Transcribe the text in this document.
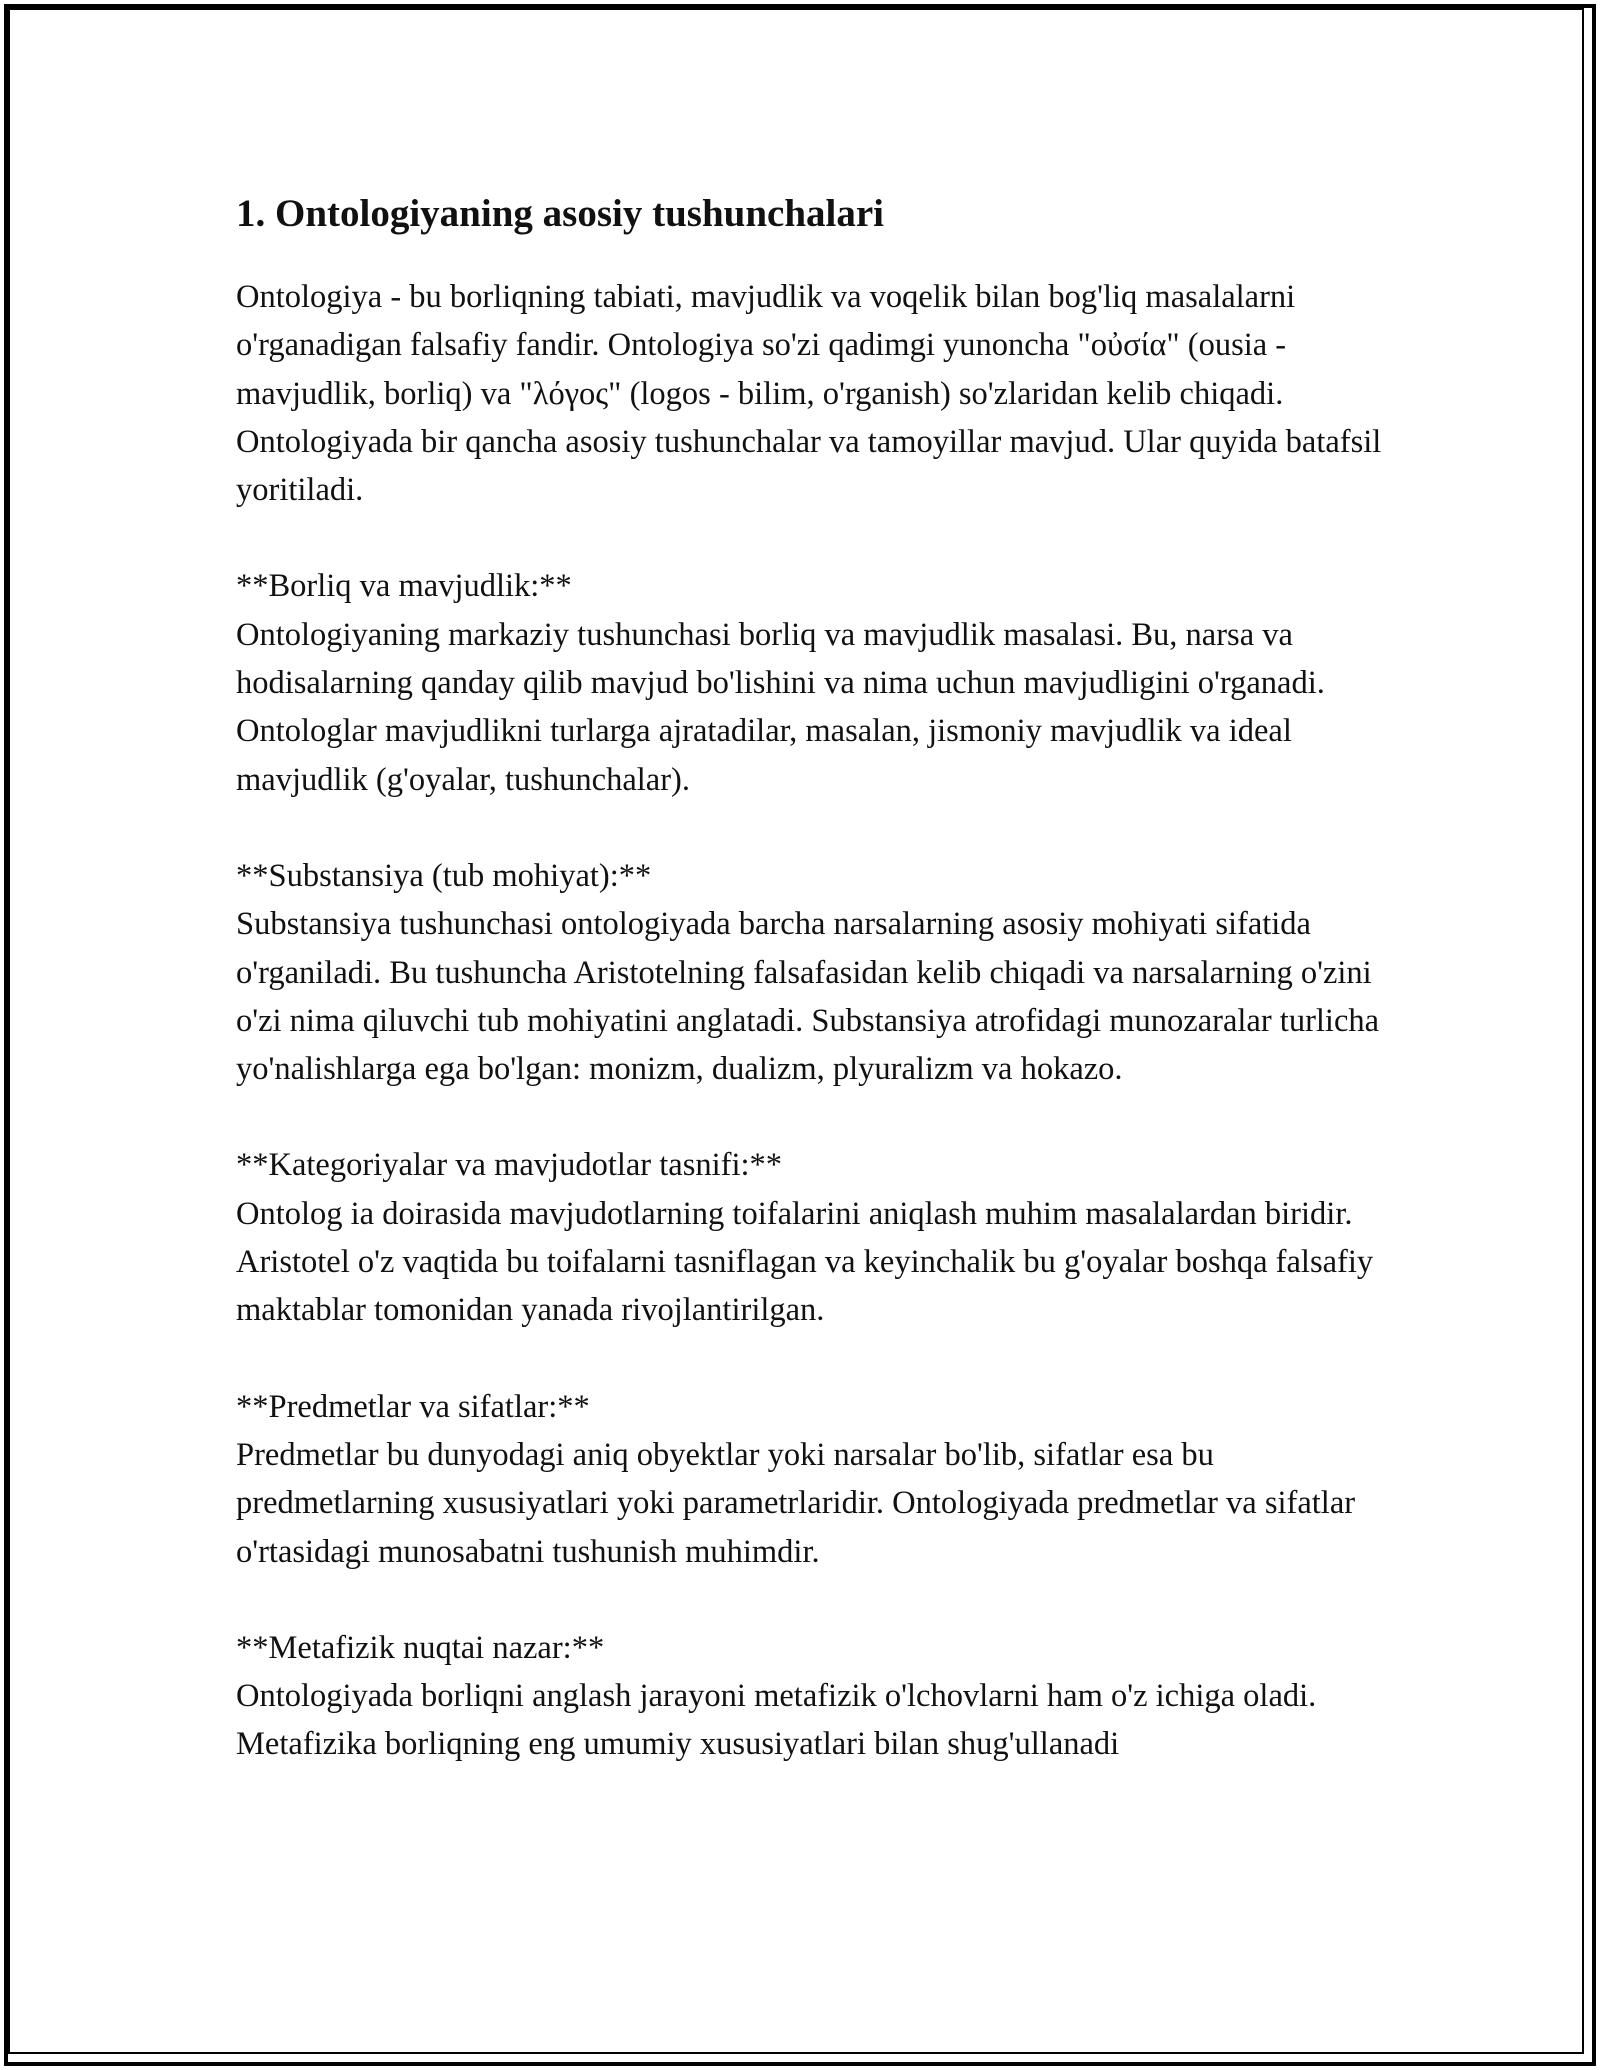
1. Ontologiyaning asosiy tushunchalari

Ontologiya - bu borliqning tabiati, mavjudlik va voqelik bilan bog'liq masalalarni o'rganadigan falsafiy fandir. Ontologiya so'zi qadimgi yunoncha "οὐσία" (ousia - mavjudlik, borliq) va "λόγος" (logos - bilim, o'rganish) so'zlaridan kelib chiqadi. Ontologiyada bir qancha asosiy tushunchalar va tamoyillar mavjud. Ular quyida batafsil yoritiladi.

**Borliq va mavjudlik:**
Ontologiyaning markaziy tushunchasi borliq va mavjudlik masalasi. Bu, narsa va hodisalarning qanday qilib mavjud bo'lishini va nima uchun mavjudligini o'rganadi. Ontologlar mavjudlikni turlarga ajratadilar, masalan, jismoniy mavjudlik va ideal mavjudlik (g'oyalar, tushunchalar).
**Substansiya (tub mohiyat):**
Substansiya tushunchasi ontologiyada barcha narsalarning asosiy mohiyati sifatida o'rganiladi. Bu tushuncha Aristotelning falsafasidan kelib chiqadi va narsalarning o'zini o'zi nima qiluvchi tub mohiyatini anglatadi. Substansiya atrofidagi munozaralar turlicha yo'nalishlarga ega bo'lgan: monizm, dualizm, plyuralizm va hokazo.
**Kategoriyalar va mavjudotlar tasnifi:**
Ontolog ia doirasida mavjudotlarning toifalarini aniqlash muhim masalalardan biridir. Aristotel o'z vaqtida bu toifalarni tasniflagan va keyinchalik bu g'oyalar boshqa falsafiy maktablar tomonidan yanada rivojlantirilgan.
**Predmetlar va sifatlar:**
Predmetlar bu dunyodagi aniq obyektlar yoki narsalar bo'lib, sifatlar esa bu predmetlarning xususiyatlari yoki parametrlaridir. Ontologiyada predmetlar va sifatlar o'rtasidagi munosabatni tushunish muhimdir.
**Metafizik nuqtai nazar:**
Ontologiyada borliqni anglash jarayoni metafizik o'lchovlarni ham o'z ichiga oladi. Metafizika borliqning eng umumiy xususiyatlari bilan shug'ullanadi
